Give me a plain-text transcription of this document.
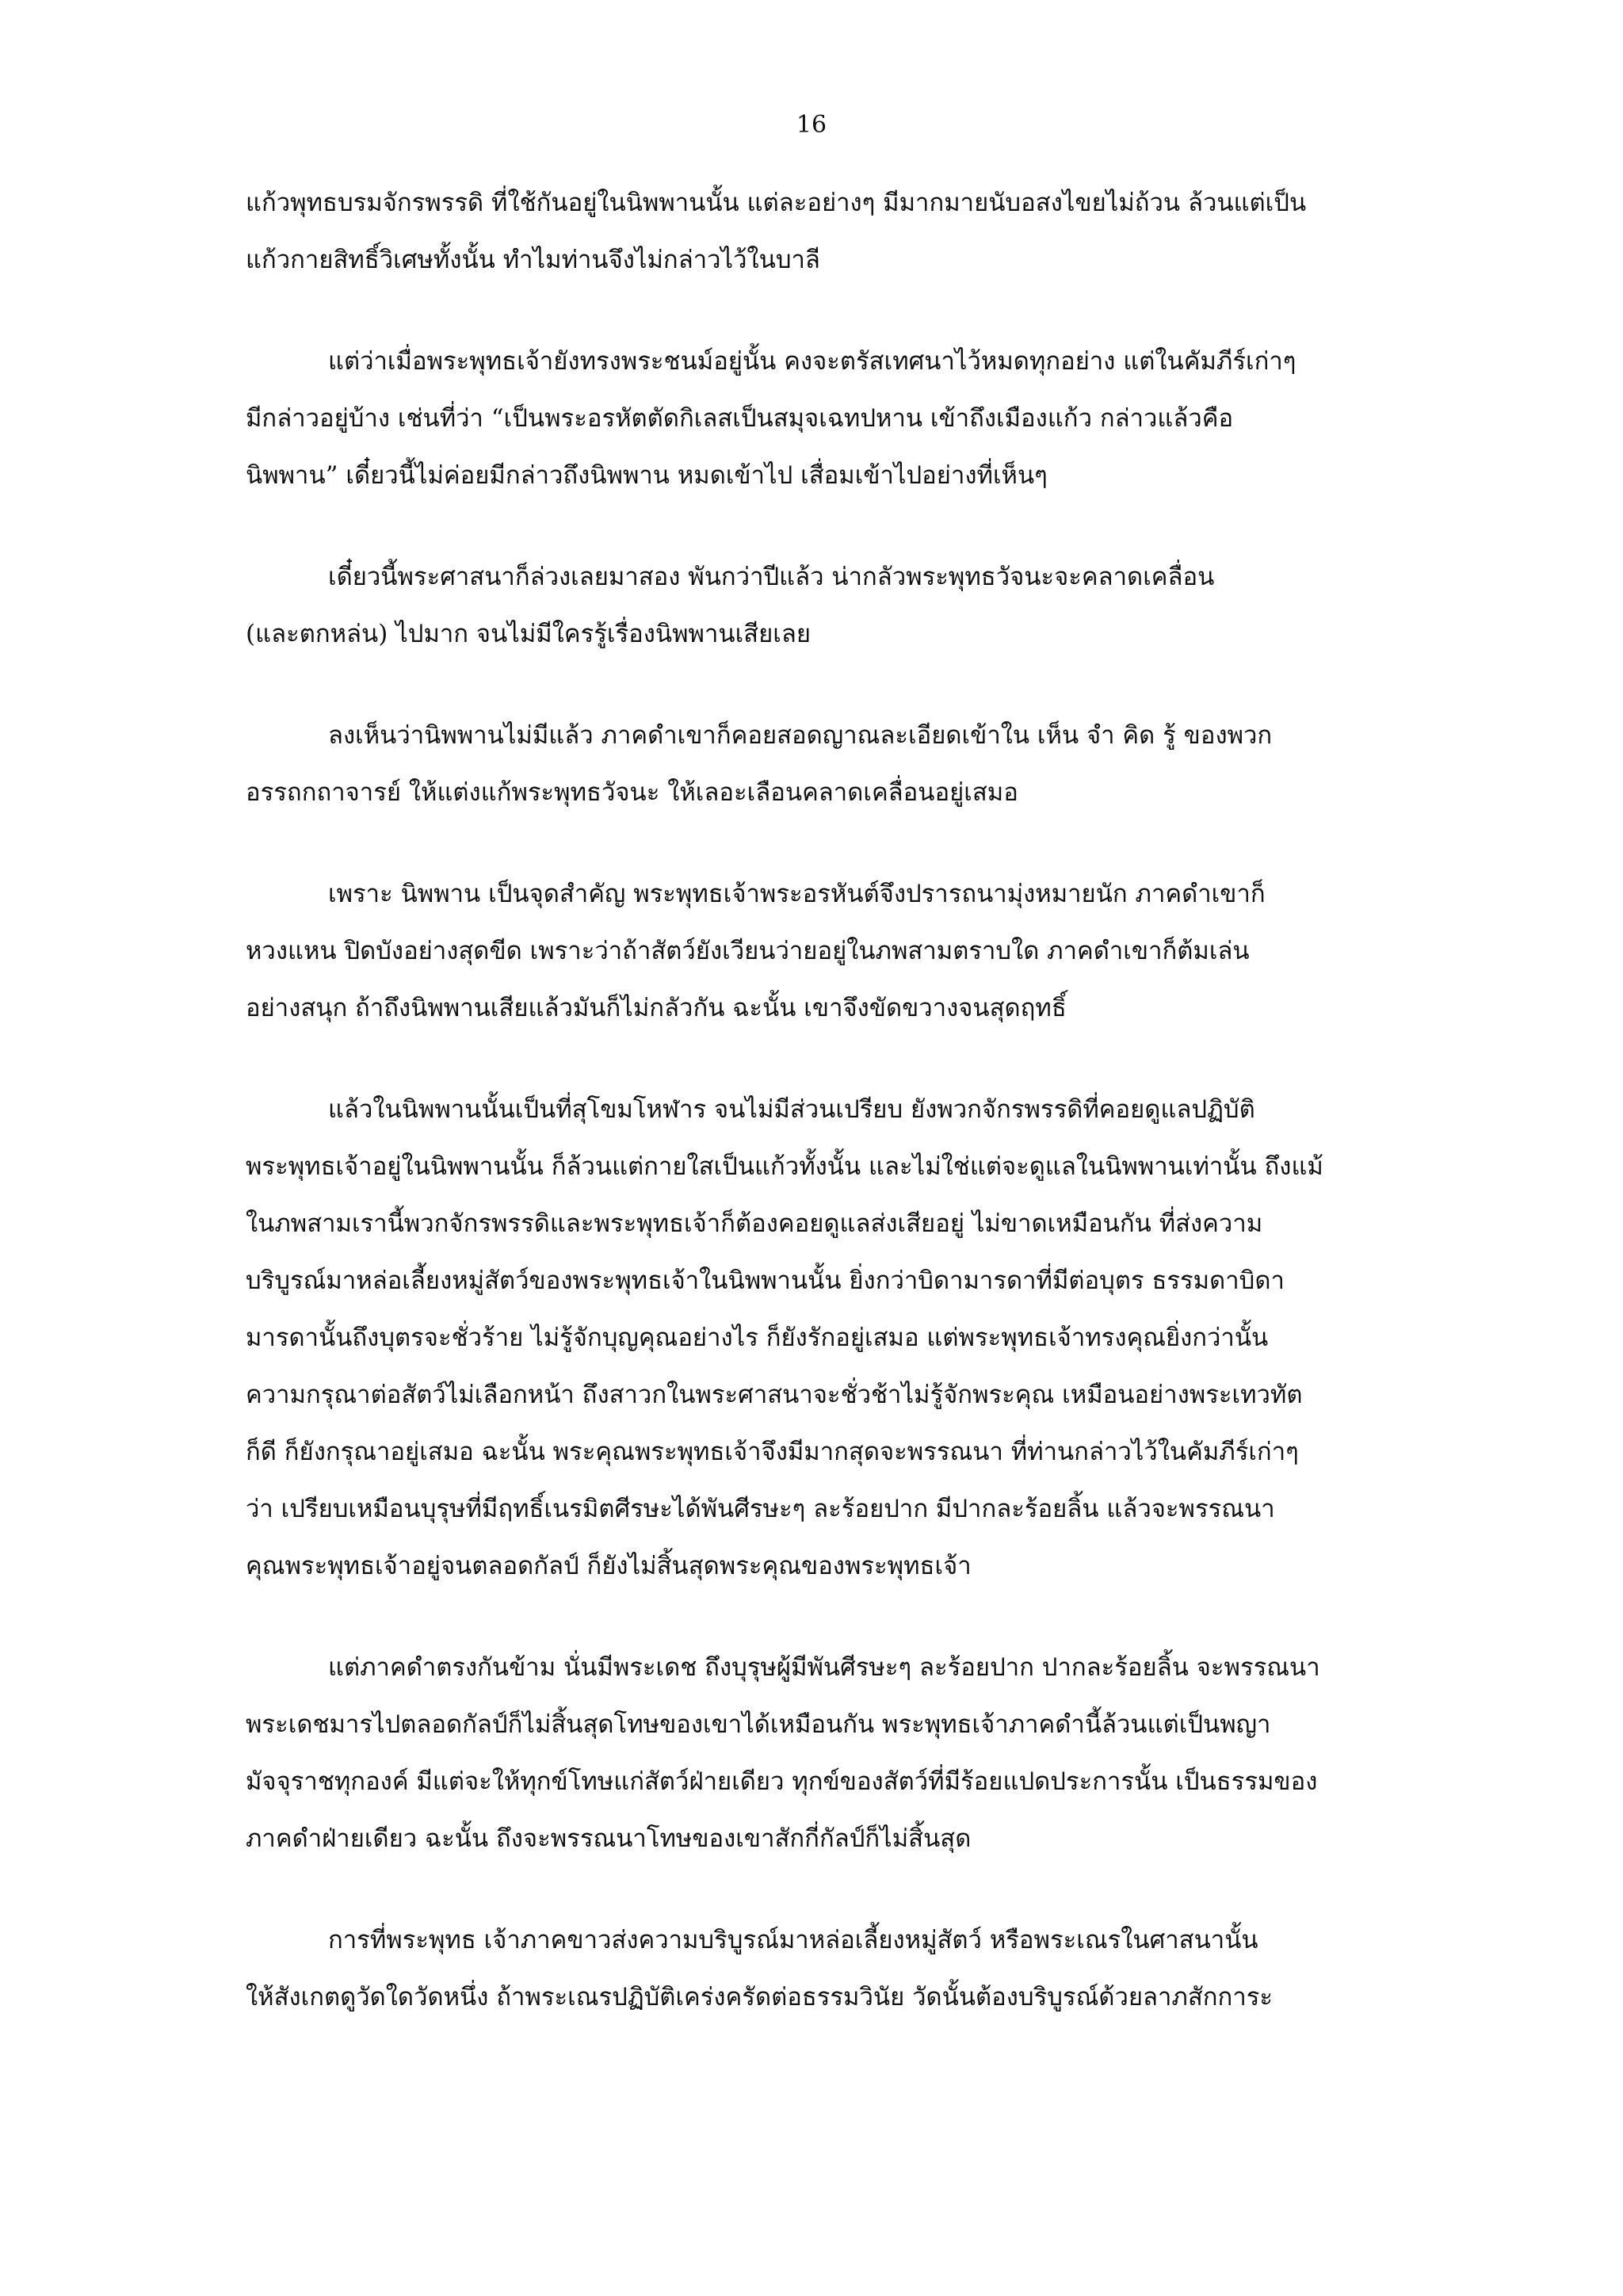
16
แก้วพุทธบรมจักรพรรดิ ที่ใช้กันอยู่ในนิพพานนั้น แต่ละอย่างๆ มีมากมายนับอสงไขยไม่ถ้วน ล้วนแต่เป็น
แก้วกายสิทธิ์วิเศษทั้งนั้น ทำไมท่านจึงไม่กล่าวไว้ในบาลี
แต่ว่าเมื่อพระพุทธเจ้ายังทรงพระชนม์อยู่นั้น คงจะตรัสเทศนาไว้หมดทุกอย่าง แต่ในคัมภีร์เก่าๆ
มีกล่าวอยู่บ้าง เช่นที่ว่า “เป็นพระอรหัตตัดกิเลสเป็นสมุจเฉทปหาน เข้าถึงเมืองแก้ว กล่าวแล้วคือ
นิพพาน” เดี๋ยวนี้ไม่ค่อยมีกล่าวถึงนิพพาน หมดเข้าไป เสื่อมเข้าไปอย่างที่เห็นๆ
เดี๋ยวนี้พระศาสนาก็ล่วงเลยมาสอง พันกว่าปีแล้ว น่ากลัวพระพุทธวัจนะจะคลาดเคลื่อน
(และตกหล่น) ไปมาก จนไม่มีใครรู้เรื่องนิพพานเสียเลย
ลงเห็นว่านิพพานไม่มีแล้ว ภาคดำเขาก็คอยสอดญาณละเอียดเข้าใน เห็น จำ คิด รู้ ของพวก
อรรถกถาจารย์ ให้แต่งแก้พระพุทธวัจนะ ให้เลอะเลือนคลาดเคลื่อนอยู่เสมอ
เพราะ นิพพาน เป็นจุดสำคัญ พระพุทธเจ้าพระอรหันต์จึงปรารถนามุ่งหมายนัก ภาคดำเขาก็
หวงแหน ปิดบังอย่างสุดขีด เพราะว่าถ้าสัตว์ยังเวียนว่ายอยู่ในภพสามตราบใด ภาคดำเขาก็ต้มเล่น
อย่างสนุก ถ้าถึงนิพพานเสียแล้วมันก็ไม่กลัวกัน ฉะนั้น เขาจึงขัดขวางจนสุดฤทธิ์
แล้วในนิพพานนั้นเป็นที่สุโขมโหฬาร จนไม่มีส่วนเปรียบ ยังพวกจักรพรรดิที่คอยดูแลปฏิบัติ
พระพุทธเจ้าอยู่ในนิพพานนั้น ก็ล้วนแต่กายใสเป็นแก้วทั้งนั้น และไม่ใช่แต่จะดูแลในนิพพานเท่านั้น ถึงแม้
ในภพสามเรานี้พวกจักรพรรดิและพระพุทธเจ้าก็ต้องคอยดูแลส่งเสียอยู่ ไม่ขาดเหมือนกัน ที่ส่งความ
บริบูรณ์มาหล่อเลี้ยงหมู่สัตว์ของพระพุทธเจ้าในนิพพานนั้น ยิ่งกว่าบิดามารดาที่มีต่อบุตร ธรรมดาบิดา
มารดานั้นถึงบุตรจะชั่วร้าย ไม่รู้จักบุญคุณอย่างไร ก็ยังรักอยู่เสมอ แต่พระพุทธเจ้าทรงคุณยิ่งกว่านั้น
ความกรุณาต่อสัตว์ไม่เลือกหน้า ถึงสาวกในพระศาสนาจะชั่วช้าไม่รู้จักพระคุณ เหมือนอย่างพระเทวทัต
ก็ดี ก็ยังกรุณาอยู่เสมอ ฉะนั้น พระคุณพระพุทธเจ้าจึงมีมากสุดจะพรรณนา ที่ท่านกล่าวไว้ในคัมภีร์เก่าๆ
ว่า เปรียบเหมือนบุรุษที่มีฤทธิ์เนรมิตศีรษะได้พันศีรษะๆ ละร้อยปาก มีปากละร้อยลิ้น แล้วจะพรรณนา
คุณพระพุทธเจ้าอยู่จนตลอดกัลป์ ก็ยังไม่สิ้นสุดพระคุณของพระพุทธเจ้า
แต่ภาคดำตรงกันข้าม นั่นมีพระเดช ถึงบุรุษผู้มีพันศีรษะๆ ละร้อยปาก ปากละร้อยลิ้น จะพรรณนา
พระเดชมารไปตลอดกัลป์ก็ไม่สิ้นสุดโทษของเขาได้เหมือนกัน พระพุทธเจ้าภาคดำนี้ล้วนแต่เป็นพญา
มัจจุราชทุกองค์ มีแต่จะให้ทุกข์โทษแก่สัตว์ฝ่ายเดียว ทุกข์ของสัตว์ที่มีร้อยแปดประการนั้น เป็นธรรมของ
ภาคดำฝ่ายเดียว ฉะนั้น ถึงจะพรรณนาโทษของเขาสักกี่กัลป์ก็ไม่สิ้นสุด
การที่พระพุทธ เจ้าภาคขาวส่งความบริบูรณ์มาหล่อเลี้ยงหมู่สัตว์ หรือพระเณรในศาสนานั้น
ให้สังเกตดูวัดใดวัดหนึ่ง ถ้าพระเณรปฏิบัติเคร่งครัดต่อธรรมวินัย วัดนั้นต้องบริบูรณ์ด้วยลาภสักการะ
